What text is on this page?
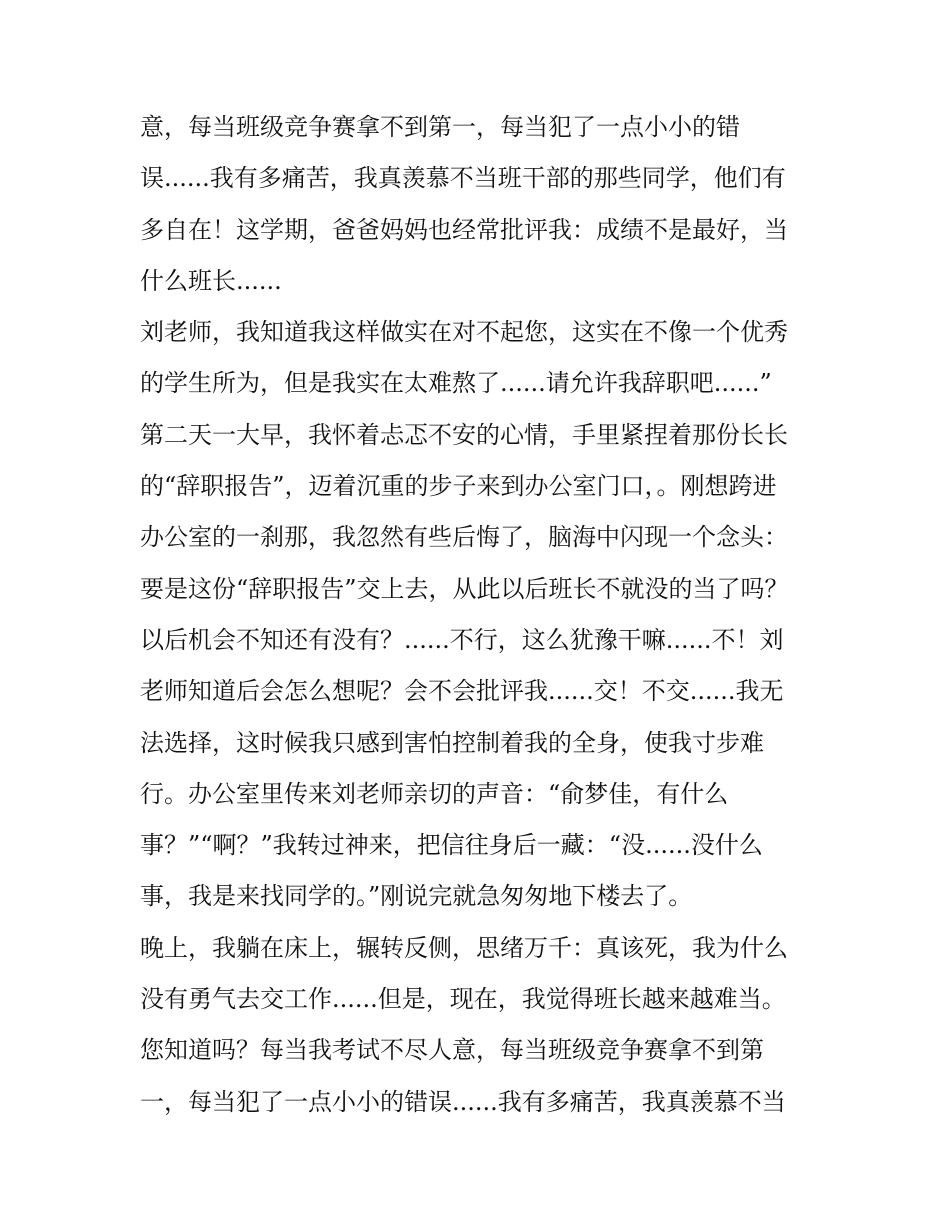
意，每当班级竞争赛拿不到第一，每当犯了一点小小的错
误......我有多痛苦，我真羡慕不当班干部的那些同学，他们有
多自在！这学期，爸爸妈妈也经常批评我：成绩不是最好，当
什么班长......
刘老师，我知道我这样做实在对不起您，这实在不像一个优秀
的学生所为，但是我实在太难熬了......请允许我辞职吧......”
第二天一大早，我怀着忐忑不安的心情，手里紧捏着那份长长
的“辞职报告”，迈着沉重的步子来到办公室门口，。刚想跨进
办公室的一刹那，我忽然有些后悔了，脑海中闪现一个念头：
要是这份“辞职报告”交上去，从此以后班长不就没的当了吗？
以后机会不知还有没有？......不行，这么犹豫干嘛......不！刘
老师知道后会怎么想呢？会不会批评我......交！不交......我无
法选择，这时候我只感到害怕控制着我的全身，使我寸步难
行。办公室里传来刘老师亲切的声音：“俞梦佳，有什么
事？”“啊？”我转过神来，把信往身后一藏：“没......没什么
事，我是来找同学的。”刚说完就急匆匆地下楼去了。
晚上，我躺在床上，辗转反侧，思绪万千：真该死，我为什么
没有勇气去交工作......但是，现在，我觉得班长越来越难当。
您知道吗？每当我考试不尽人意，每当班级竞争赛拿不到第
一，每当犯了一点小小的错误......我有多痛苦，我真羡慕不当
